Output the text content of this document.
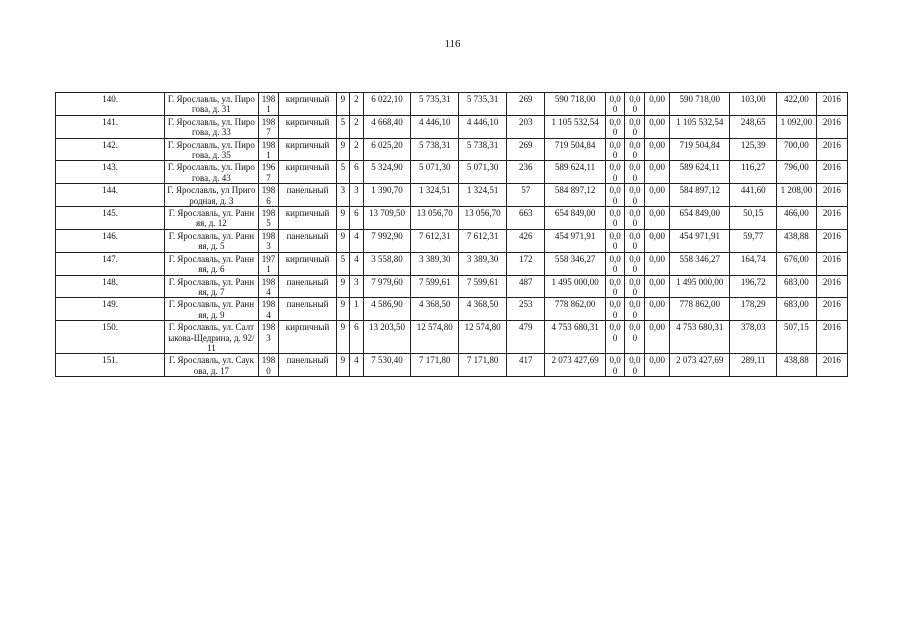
116
140.	Г. Ярославль, ул. Пирогова, д. 31	1981	кирпичный	9	2	6 022,10	5 735,31	5 735,31	269	590 718,00	0,00	0,00	0,00	590 718,00	103,00	422,00	2016
141.	Г. Ярославль, ул. Пирогова, д. 33	1987	кирпичный	5	2	4 668,40	4 446,10	4 446,10	203	1 105 532,54	0,00	0,00	0,00	1 105 532,54	248,65	1 092,00	2016
142.	Г. Ярославль, ул. Пирогова, д. 35	1981	кирпичный	9	2	6 025,20	5 738,31	5 738,31	269	719 504,84	0,00	0,00	0,00	719 504,84	125,39	700,00	2016
143.	Г. Ярославль, ул. Пирогова, д. 43	1967	кирпичный	5	6	5 324,90	5 071,30	5 071,30	236	589 624,11	0,00	0,00	0,00	589 624,11	116,27	796,00	2016
144.	Г. Ярославль, ул Пригородная, д. 3	1986	панельный	3	3	1 390,70	1 324,51	1 324,51	57	584 897,12	0,00	0,00	0,00	584 897,12	441,60	1 208,00	2016
145.	Г. Ярославль, ул. Ранняя, д. 12	1985	кирпичный	9	6	13 709,50	13 056,70	13 056,70	663	654 849,00	0,00	0,00	0,00	654 849,00	50,15	466,00	2016
146.	Г. Ярославль, ул. Ранняя, д. 5	1983	панельный	9	4	7 992,90	7 612,31	7 612,31	426	454 971,91	0,00	0,00	0,00	454 971,91	59,77	438,88	2016
147.	Г. Ярославль, ул. Ранняя, д. 6	1971	кирпичный	5	4	3 558,80	3 389,30	3 389,30	172	558 346,27	0,00	0,00	0,00	558 346,27	164,74	676,00	2016
148.	Г. Ярославль, ул. Ранняя, д. 7	1984	панельный	9	3	7 979,60	7 599,61	7 599,61	487	1 495 000,00	0,00	0,00	0,00	1 495 000,00	196,72	683,00	2016
149.	Г. Ярославль, ул. Ранняя, д. 9	1984	панельный	9	1	4 586,90	4 368,50	4 368,50	253	778 862,00	0,00	0,00	0,00	778 862,00	178,29	683,00	2016
150.	Г. Ярославль, ул. Салтыкова-Щедрина, д. 92/11	1983	кирпичный	9	6	13 203,50	12 574,80	12 574,80	479	4 753 680,31	0,00	0,00	0,00	4 753 680,31	378,03	507,15	2016
151.	Г. Ярославль, ул. Саукова, д. 17	1980	панельный	9	4	7 530,40	7 171,80	7 171,80	417	2 073 427,69	0,00	0,00	0,00	2 073 427,69	289,11	438,88	2016
